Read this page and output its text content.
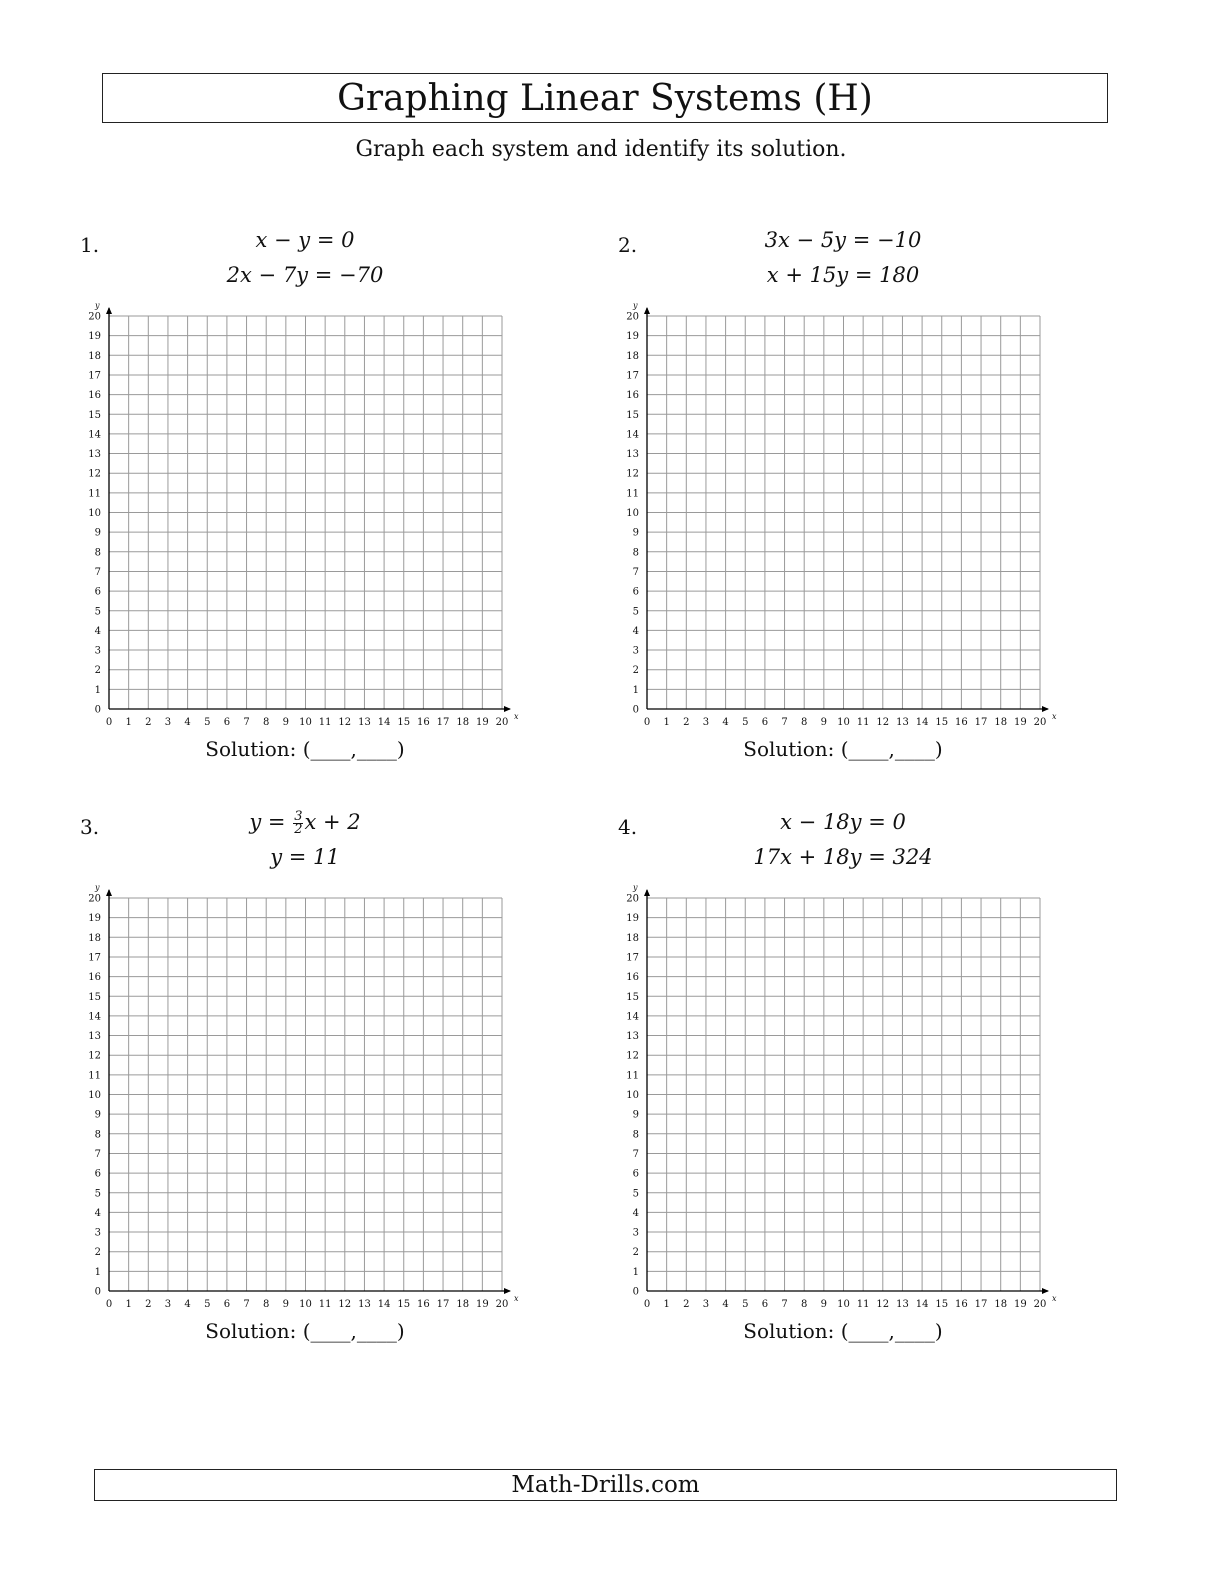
Graphing Linear Systems (H)
Graph each system and identify its solution.
1.	x − y = 0
2x − 7y = −70
0
0
1
1
2
2
3
3
4
4
5
5
6
6
7
7
8
8
9
9
10
10
11
11
12
12
13
13
14
14
15
15
16
16
17
17
18
18
19
19
20
20
x
y
Solution: (____,____)
2.	3x − 5y = −10
x + 15y = 180
0
0
1
1
2
2
3
3
4
4
5
5
6
6
7
7
8
8
9
9
10
10
11
11
12
12
13
13
14
14
15
15
16
16
17
17
18
18
19
19
20
20
x
y
Solution: (____,____)
3.	$y = \frac{3}{2}$ x + 2
y = 11
0
0
1
1
2
2
3
3
4
4
5
5
6
6
7
7
8
8
9
9
10
10
11
11
12
12
13
13
14
14
15
15
16
16
17
17
18
18
19
19
20
20
x
y
Solution: (____,____)
4.	x − 18y = 0
17x + 18y = 324
0
0
1
1
2
2
3
3
4
4
5
5
6
6
7
7
8
8
9
9
10
10
11
11
12
12
13
13
14
14
15
15
16
16
17
17
18
18
19
19
20
20
x
y
Solution: (____,____)
Math-Drills.com
